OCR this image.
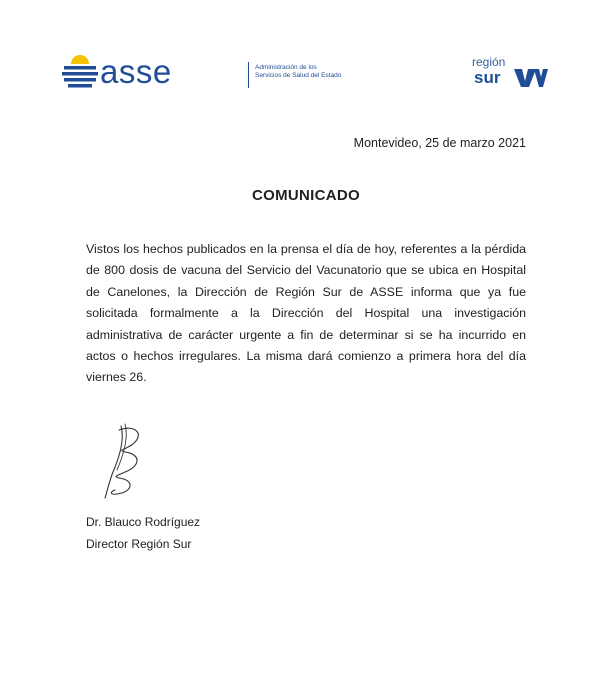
asse	Administración de los
Servicios de Salud del Estado
región
sur
Montevideo, 25 de marzo 2021
COMUNICADO
Vistos los hechos publicados en la prensa el día de hoy, referentes a la pérdida de 800 dosis de vacuna del Servicio del Vacunatorio que se ubica en Hospital de Canelones, la Dirección de Región Sur de ASSE informa que ya fue solicitada formalmente a la Dirección del Hospital una investigación administrativa de carácter urgente a fin de determinar si se ha incurrido en actos o hechos irregulares. La misma dará comienzo a primera hora del día viernes 26.
Dr. Blauco Rodríguez
Director Región Sur
